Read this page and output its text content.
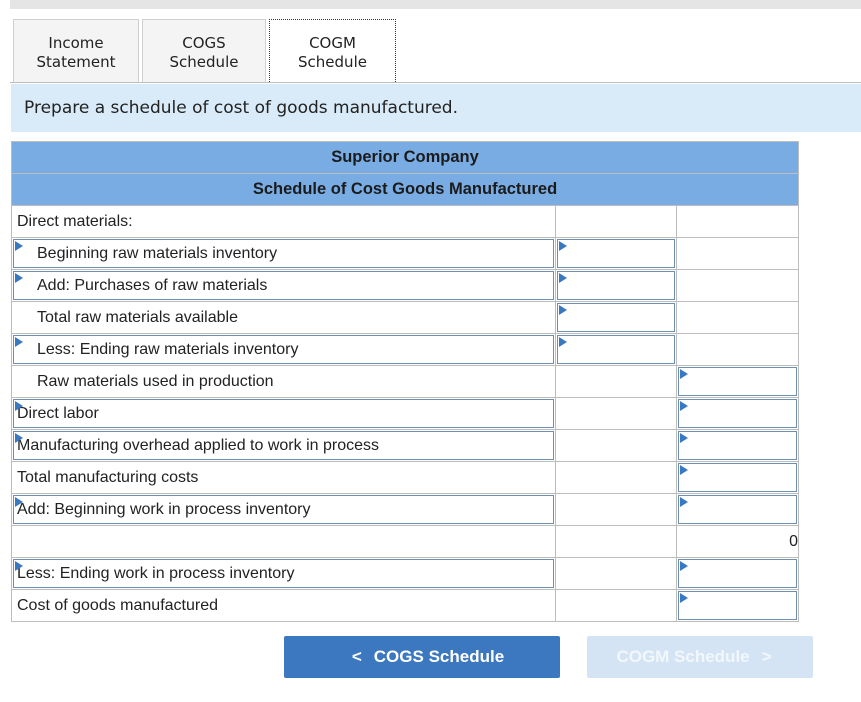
Income
Statement
COGS
Schedule
COGM
Schedule
Prepare a schedule of cost of goods manufactured.
Superior Company		
Schedule of Cost Goods Manufactured		

Direct materials:		

Beginning raw materials inventory		

Add: Purchases of raw materials		

Total raw materials available		

Less: Ending raw materials inventory		

Raw materials used in production		

Direct labor		

Manufacturing overhead applied to work in process		

Total manufacturing costs		

Add: Beginning work in process inventory		

		0

Less: Ending work in process inventory		

Cost of goods manufactured		

< COGS Schedule	COGM Schedule >
